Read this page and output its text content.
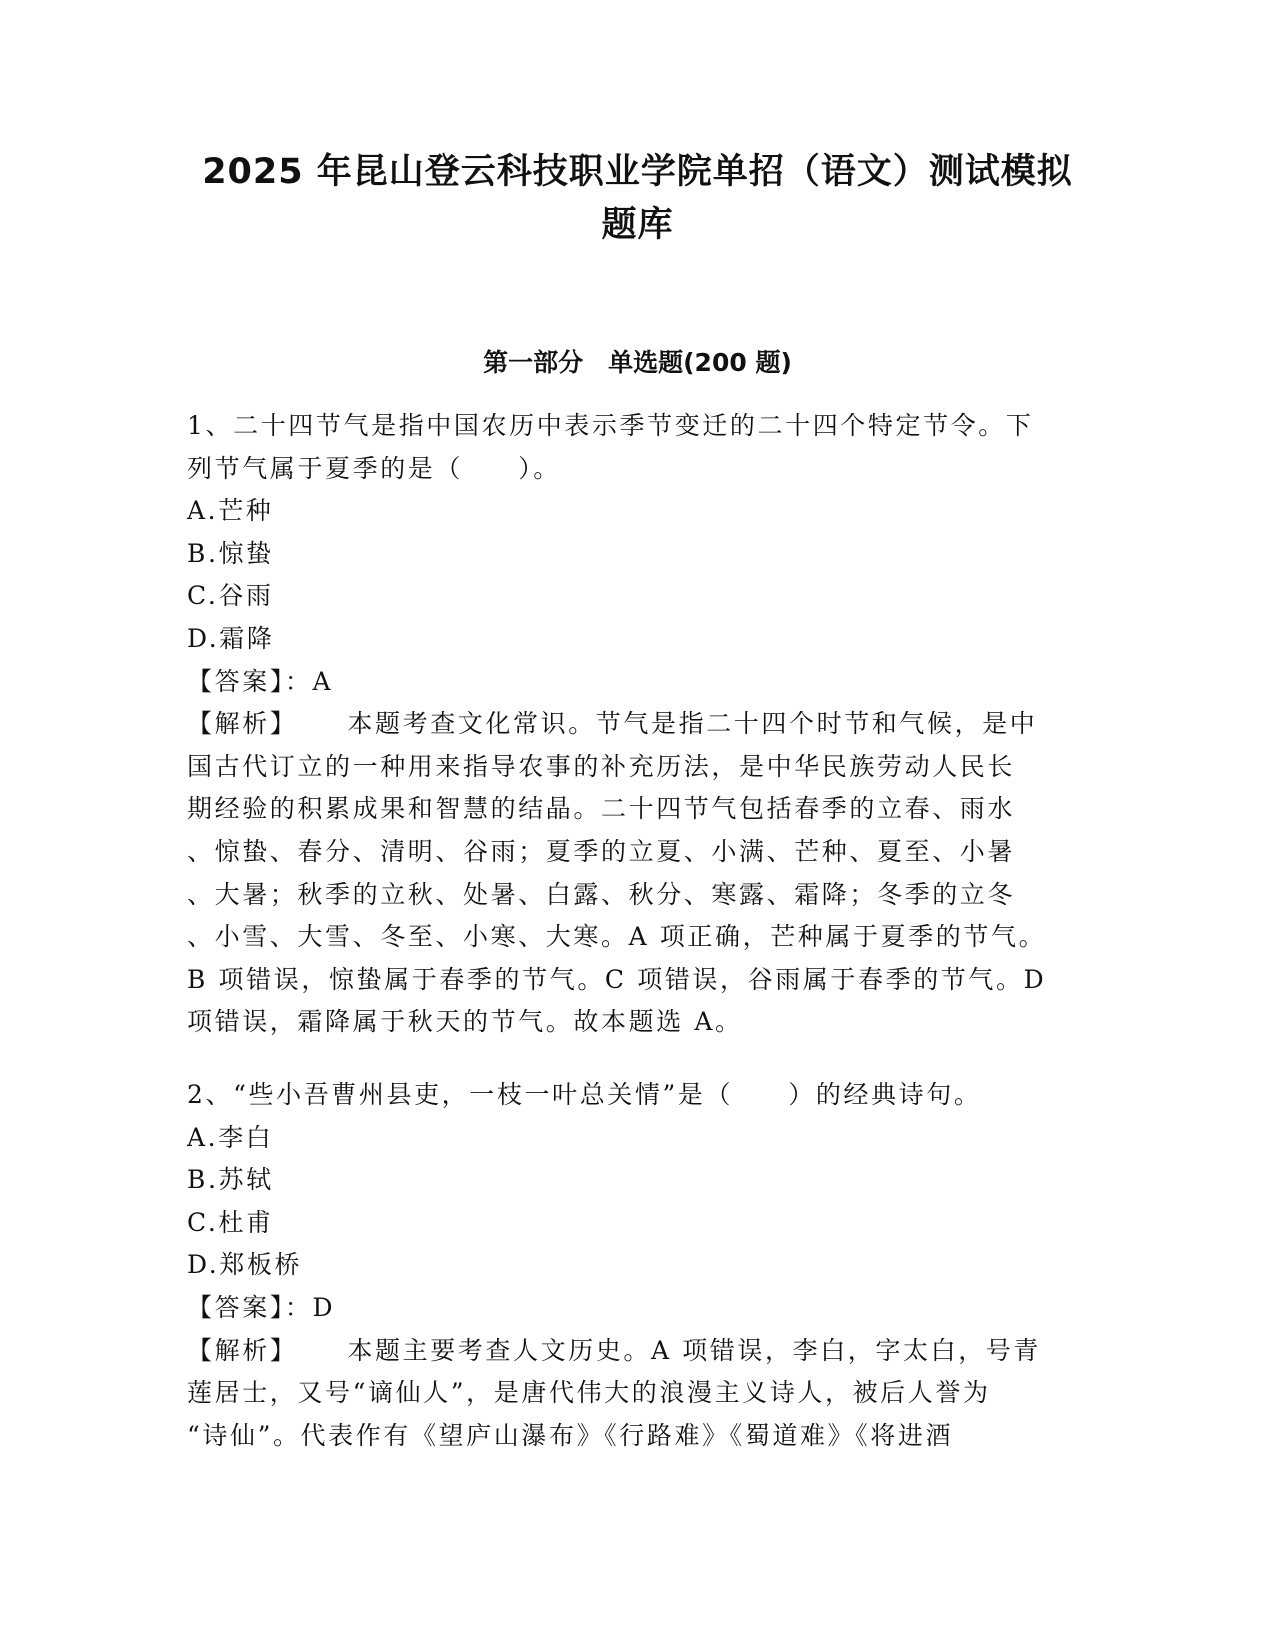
2025 年昆山登云科技职业学院单招（语文）测试模拟
题库
第一部分　单选题(200 题)
1、二十四节气是指中国农历中表示季节变迁的二十四个特定节令。下
列节气属于夏季的是（　　）。
A.芒种
B.惊蛰
C.谷雨
D.霜降
【答案】：A
【解析】 本题考查文化常识。节气是指二十四个时节和气候，是中
国古代订立的一种用来指导农事的补充历法，是中华民族劳动人民长
期经验的积累成果和智慧的结晶。二十四节气包括春季的立春、雨水
、惊蛰、春分、清明、谷雨；夏季的立夏、小满、芒种、夏至、小暑
、大暑；秋季的立秋、处暑、白露、秋分、寒露、霜降；冬季的立冬
、小雪、大雪、冬至、小寒、大寒。A 项正确，芒种属于夏季的节气。
B 项错误，惊蛰属于春季的节气。C 项错误，谷雨属于春季的节气。D
项错误，霜降属于秋天的节气。故本题选 A。
2、“些小吾曹州县吏，一枝一叶总关情”是（　　）的经典诗句。
A.李白
B.苏轼
C.杜甫
D.郑板桥
【答案】：D
【解析】 本题主要考查人文历史。A 项错误，李白，字太白，号青
莲居士，又号“谪仙人”，是唐代伟大的浪漫主义诗人，被后人誉为
“诗仙”。代表作有《望庐山瀑布》《行路难》《蜀道难》《将进酒
